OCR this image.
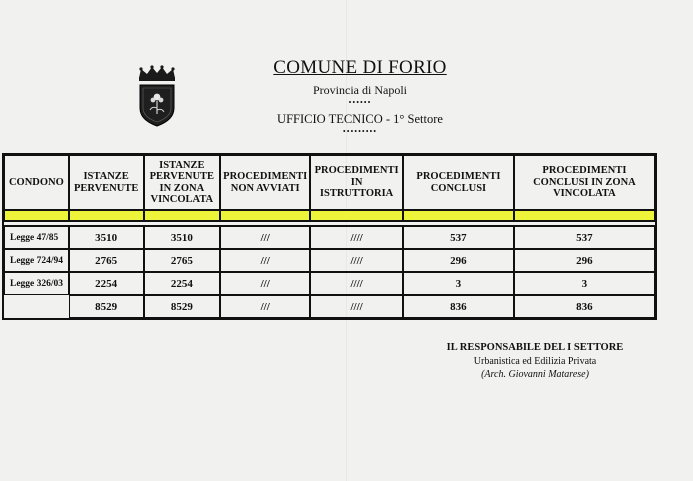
COMUNE DI FORIO
Provincia di Napoli
••••••
UFFICIO TECNICO - 1° Settore
•••••••••
CONDONO	ISTANZE PERVENUTE	ISTANZE PERVENUTE IN ZONA VINCOLATA	PROCEDIMENTI NON AVVIATI	PROCEDIMENTI IN ISTRUTTORIA	PROCEDIMENTI CONCLUSI	PROCEDIMENTI CONCLUSI IN ZONA VINCOLATA

Legge 47/85	3510	3510	///	////	537	537
Legge 724/94	2765	2765	///	////	296	296
Legge 326/03	2254	2254	///	////	3	3
	8529	8529	///	////	836	836
IL RESPONSABILE DEL I SETTORE
Urbanistica ed Edilizia Privata
(Arch. Giovanni Matarese)
